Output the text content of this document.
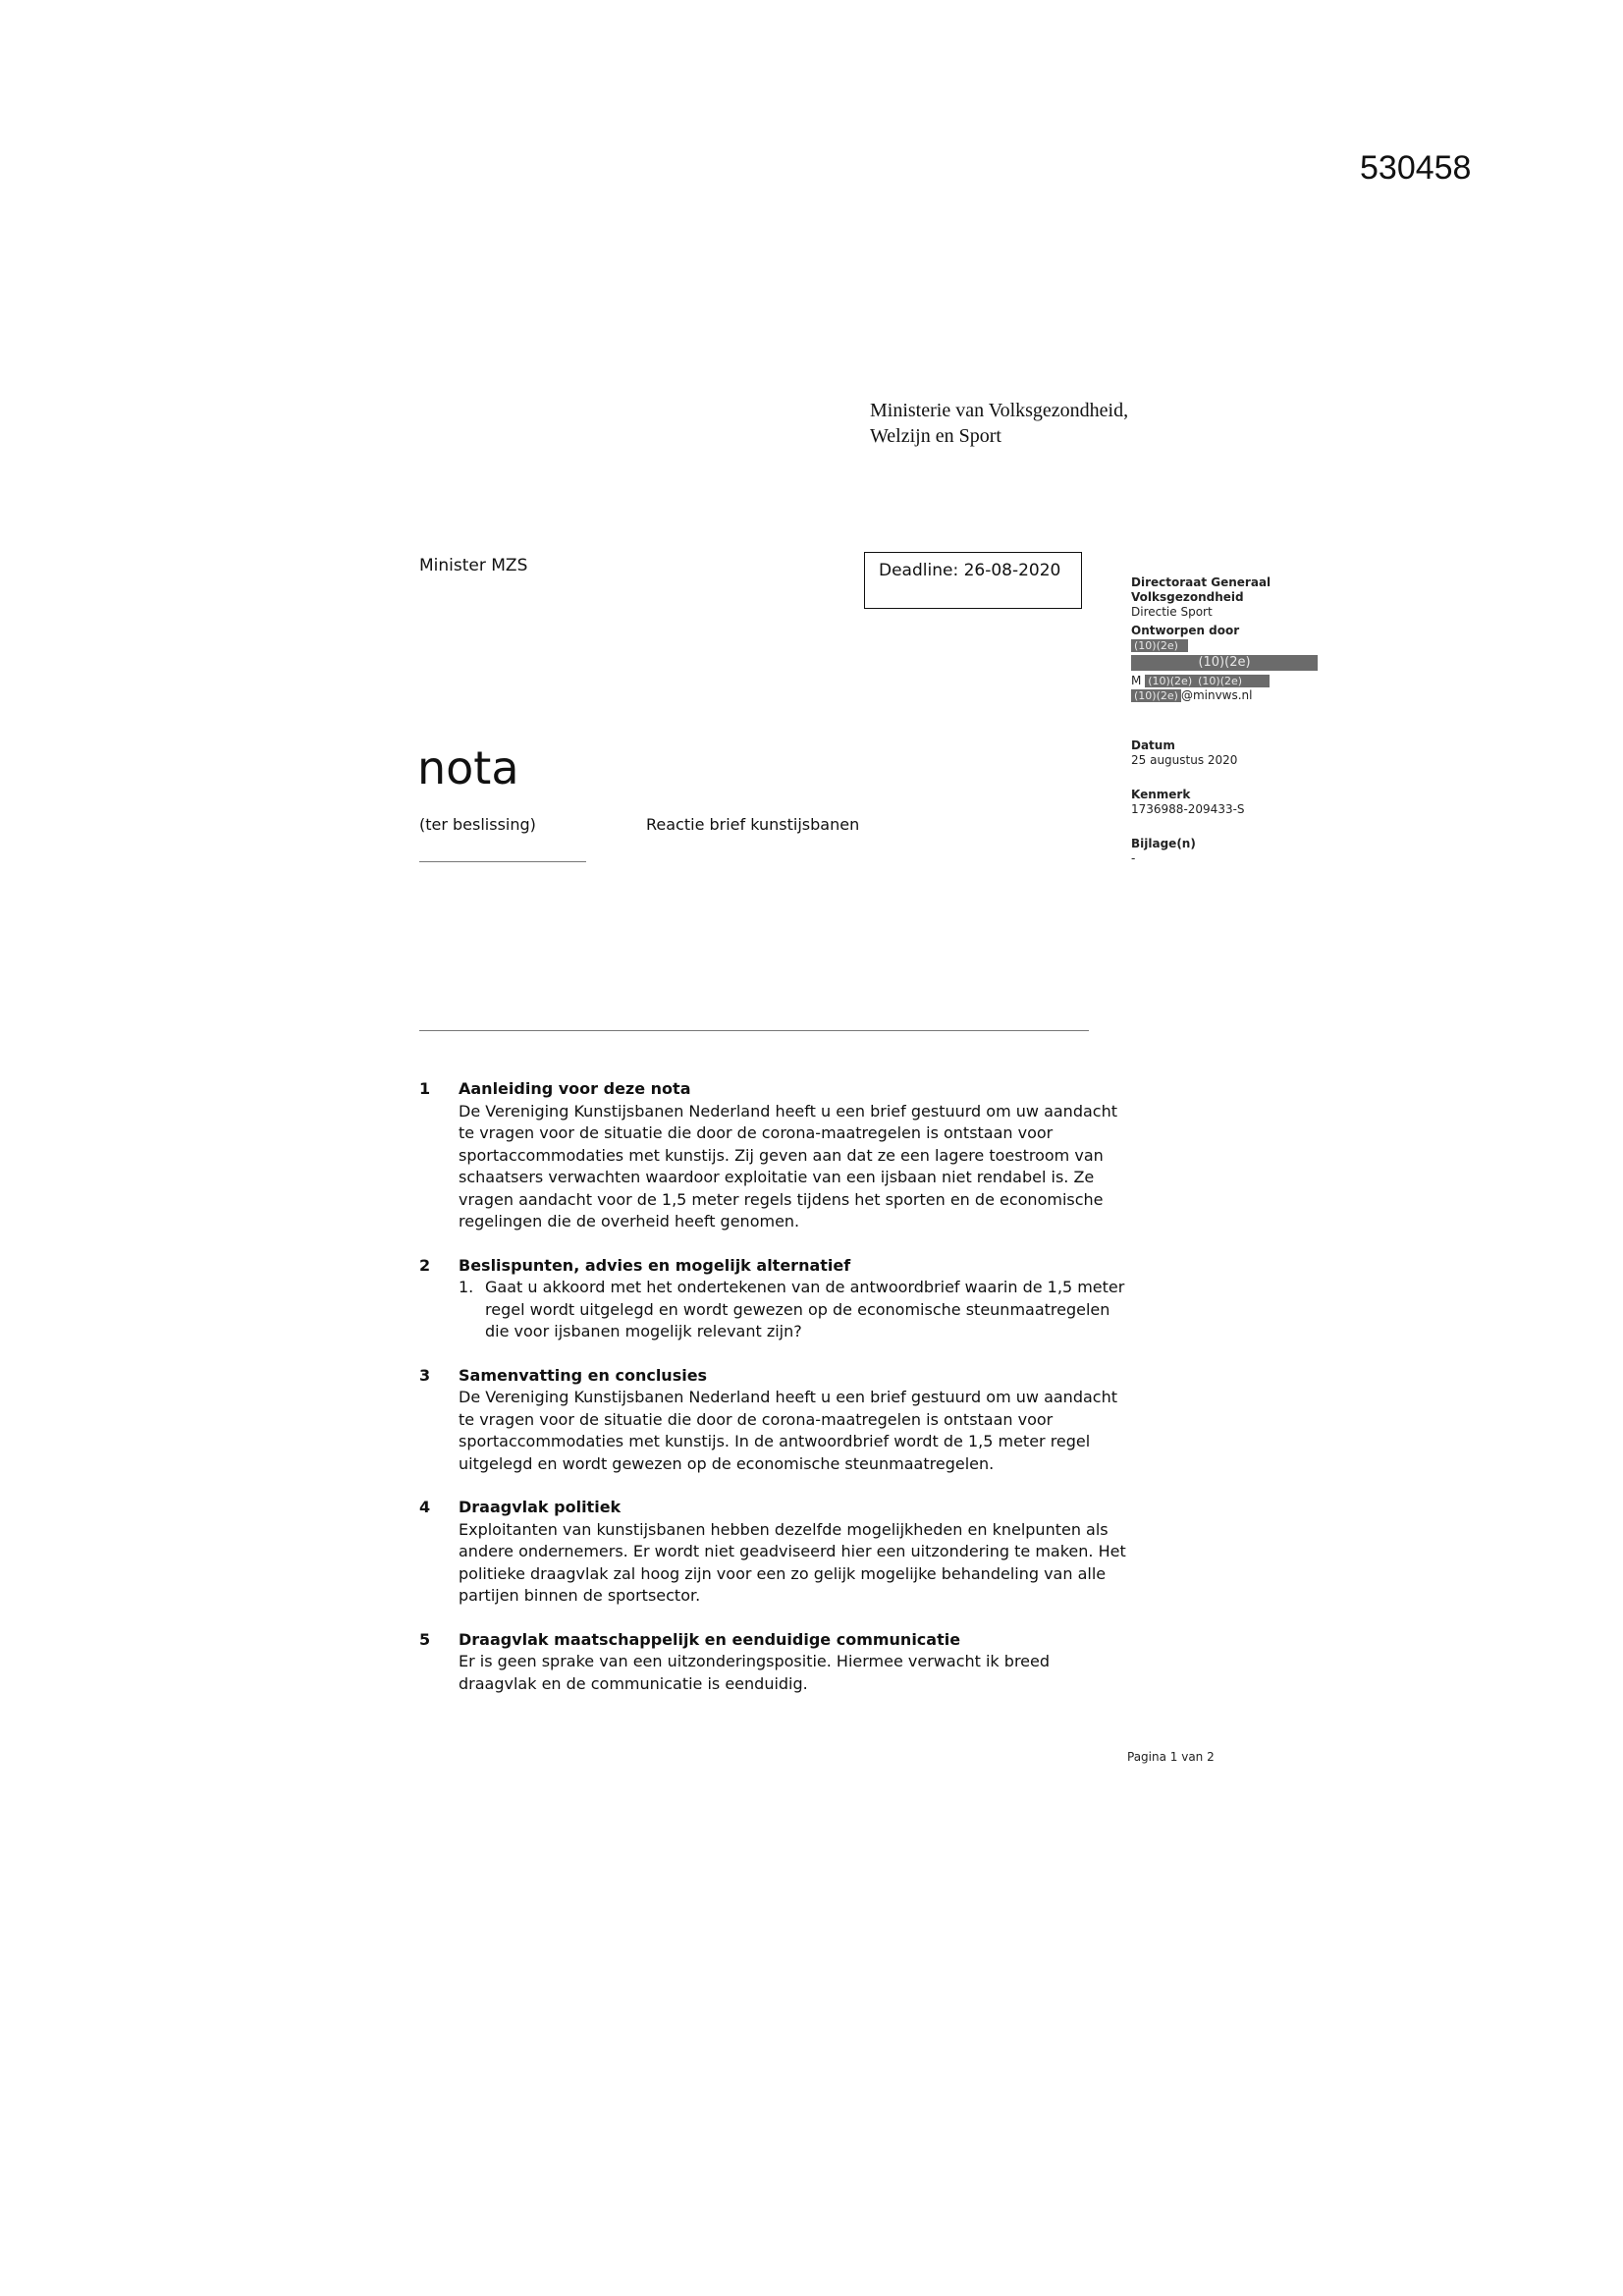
530458
Ministerie van Volksgezondheid,
Welzijn en Sport
Minister MZS	Deadline: 26-08-2020
Directoraat Generaal
Volksgezondheid
Directie Sport
Ontworpen door
(10)(2e)
(10)(2e)
M (10)(2e) (10)(2e)
(10)(2e) @minvws.nl
Datum
25 augustus 2020
Kenmerk
1736988-209433-S
Bijlage(n)
-
nota
(ter beslissing)	Reactie brief kunstijsbanen
1	Aanleiding voor deze nota
De Vereniging Kunstijsbanen Nederland heeft u een brief gestuurd om uw aandacht te vragen voor de situatie die door de corona-maatregelen is ontstaan voor sportaccommodaties met kunstijs. Zij geven aan dat ze een lagere toestroom van schaatsers verwachten waardoor exploitatie van een ijsbaan niet rendabel is. Ze vragen aandacht voor de 1,5 meter regels tijdens het sporten en de economische regelingen die de overheid heeft genomen.
2	Beslispunten, advies en mogelijk alternatief
1. Gaat u akkoord met het ondertekenen van de antwoordbrief waarin de 1,5 meter regel wordt uitgelegd en wordt gewezen op de economische steunmaatregelen die voor ijsbanen mogelijk relevant zijn?
3	Samenvatting en conclusies
De Vereniging Kunstijsbanen Nederland heeft u een brief gestuurd om uw aandacht te vragen voor de situatie die door de corona-maatregelen is ontstaan voor sportaccommodaties met kunstijs. In de antwoordbrief wordt de 1,5 meter regel uitgelegd en wordt gewezen op de economische steunmaatregelen.
4	Draagvlak politiek
Exploitanten van kunstijsbanen hebben dezelfde mogelijkheden en knelpunten als andere ondernemers. Er wordt niet geadviseerd hier een uitzondering te maken. Het politieke draagvlak zal hoog zijn voor een zo gelijk mogelijke behandeling van alle partijen binnen de sportsector.
5	Draagvlak maatschappelijk en eenduidige communicatie
Er is geen sprake van een uitzonderingspositie. Hiermee verwacht ik breed draagvlak en de communicatie is eenduidig.
Pagina 1 van 2
